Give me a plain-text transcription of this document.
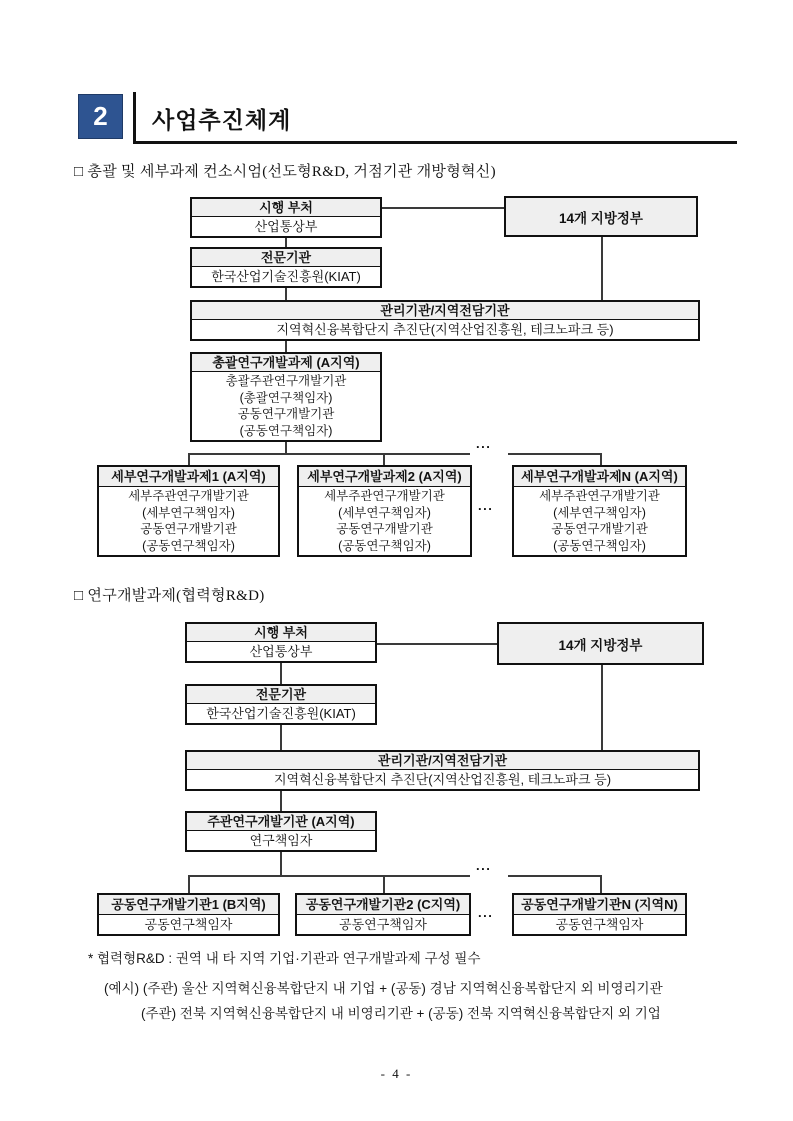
2	사업추진체계
□ 총괄 및 세부과제 컨소시엄(선도형R&D, 거점기관 개방형혁신)
시행 부처
산업통상부
14개 지방정부
전문기관
한국산업기술진흥원(KIAT)
관리기관/지역전담기관
지역혁신융복합단지 추진단(지역산업진흥원, 테크노파크 등)
총괄연구개발과제 (A지역)
총괄주관연구개발기관
(총괄연구책임자)
공동연구개발기관
(공동연구책임자)
...
세부연구개발과제1 (A지역)
세부주관연구개발기관
(세부연구책임자)
공동연구개발기관
(공동연구책임자)
세부연구개발과제2 (A지역)
세부주관연구개발기관
(세부연구책임자)
공동연구개발기관
(공동연구책임자)
...
세부연구개발과제N (A지역)
세부주관연구개발기관
(세부연구책임자)
공동연구개발기관
(공동연구책임자)
□ 연구개발과제(협력형R&D)
시행 부처
산업통상부	14개 지방정부
전문기관
한국산업기술진흥원(KIAT)
관리기관/지역전담기관
지역혁신융복합단지 추진단(지역산업진흥원, 테크노파크 등)
주관연구개발기관 (A지역)
연구책임자
...
공동연구개발기관1 (B지역)
공동연구책임자
공동연구개발기관2 (C지역)
공동연구책임자
...
공동연구개발기관N (지역N)
공동연구책임자
* 협력형R&D : 권역 내 타 지역 기업·기관과 연구개발과제 구성 필수
(예시) (주관) 울산 지역혁신융복합단지 내 기업 + (공동) 경남 지역혁신융복합단지 외 비영리기관
(주관) 전북 지역혁신융복합단지 내 비영리기관 + (공동) 전북 지역혁신융복합단지 외 기업
- 4 -
